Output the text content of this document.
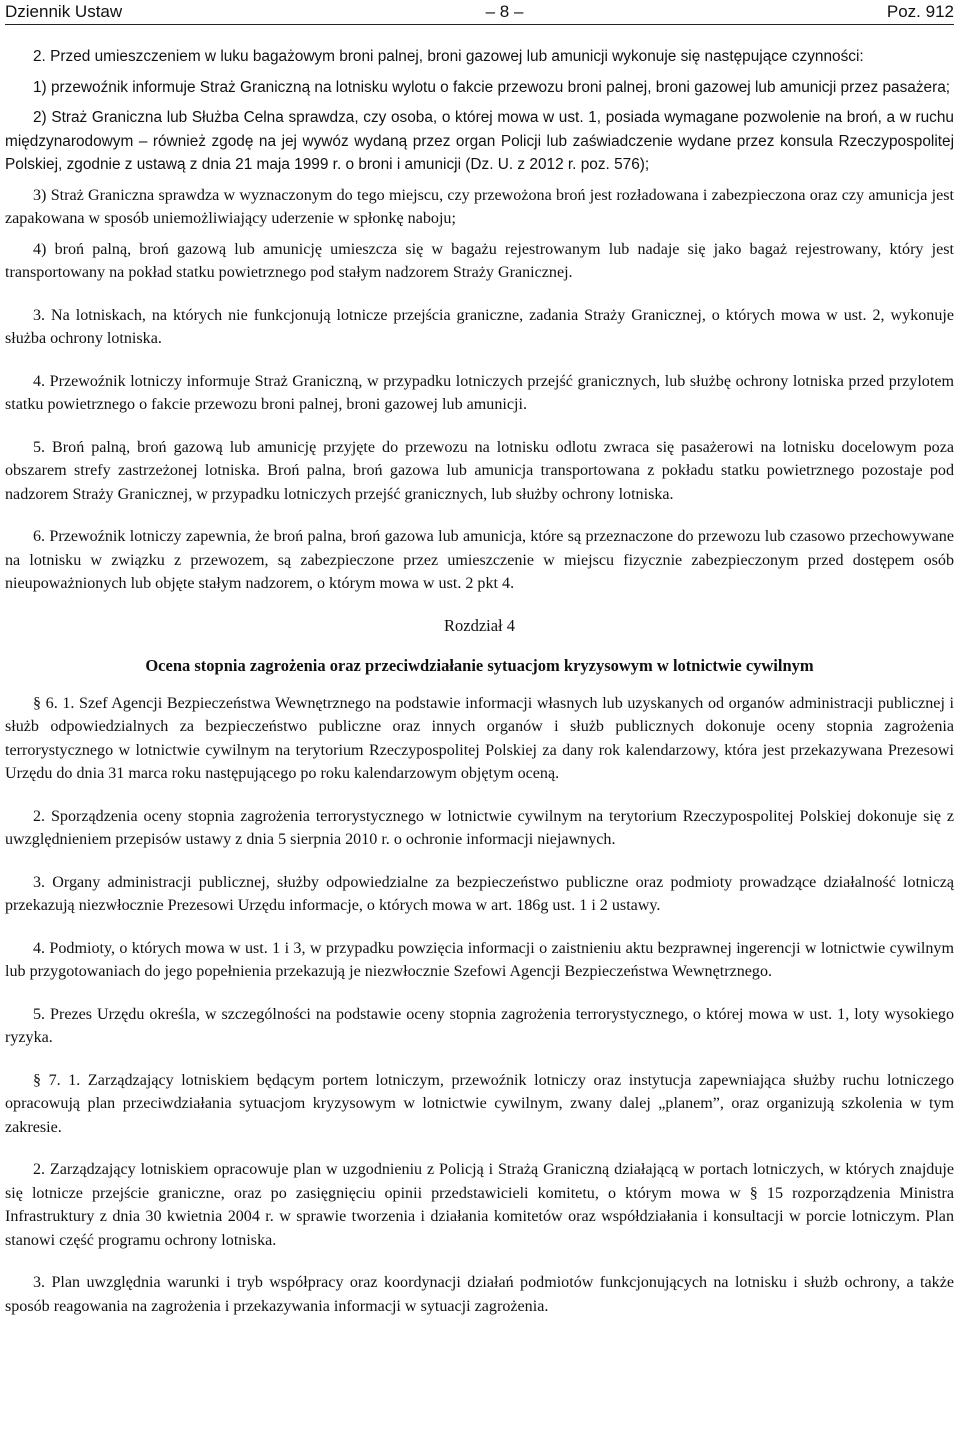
Dziennik Ustaw	– 8 –	Poz. 912

2. Przed umieszczeniem w luku bagażowym broni palnej, broni gazowej lub amunicji wykonuje się następujące czynności:

1) przewoźnik informuje Straż Graniczną na lotnisku wylotu o fakcie przewozu broni palnej, broni gazowej lub amunicji przez pasażera;

2) Straż Graniczna lub Służba Celna sprawdza, czy osoba, o której mowa w ust. 1, posiada wymagane pozwolenie na broń, a w ruchu międzynarodowym – również zgodę na jej wywóz wydaną przez organ Policji lub zaświadczenie wydane przez konsula Rzeczypospolitej Polskiej, zgodnie z ustawą z dnia 21 maja 1999 r. o broni i amunicji (Dz. U. z 2012 r. poz. 576);

3) Straż Graniczna sprawdza w wyznaczonym do tego miejscu, czy przewożona broń jest rozładowana i zabezpieczona oraz czy amunicja jest zapakowana w sposób uniemożliwiający uderzenie w spłonkę naboju;

4) broń palną, broń gazową lub amunicję umieszcza się w bagażu rejestrowanym lub nadaje się jako bagaż rejestrowany, który jest transportowany na pokład statku powietrznego pod stałym nadzorem Straży Granicznej.

3. Na lotniskach, na których nie funkcjonują lotnicze przejścia graniczne, zadania Straży Granicznej, o których mowa w ust. 2, wykonuje służba ochrony lotniska.

4. Przewoźnik lotniczy informuje Straż Graniczną, w przypadku lotniczych przejść granicznych, lub służbę ochrony lotniska przed przylotem statku powietrznego o fakcie przewozu broni palnej, broni gazowej lub amunicji.

5. Broń palną, broń gazową lub amunicję przyjęte do przewozu na lotnisku odlotu zwraca się pasażerowi na lotnisku docelowym poza obszarem strefy zastrzeżonej lotniska. Broń palna, broń gazowa lub amunicja transportowana z pokładu statku powietrznego pozostaje pod nadzorem Straży Granicznej, w przypadku lotniczych przejść granicznych, lub służby ochrony lotniska.

6. Przewoźnik lotniczy zapewnia, że broń palna, broń gazowa lub amunicja, które są przeznaczone do przewozu lub czasowo przechowywane na lotnisku w związku z przewozem, są zabezpieczone przez umieszczenie w miejscu fizycznie zabezpieczonym przed dostępem osób nieupoważnionych lub objęte stałym nadzorem, o którym mowa w ust. 2 pkt 4.

Rozdział 4
Ocena stopnia zagrożenia oraz przeciwdziałanie sytuacjom kryzysowym w lotnictwie cywilnym

§ 6. 1. Szef Agencji Bezpieczeństwa Wewnętrznego na podstawie informacji własnych lub uzyskanych od organów administracji publicznej i służb odpowiedzialnych za bezpieczeństwo publiczne oraz innych organów i służb publicznych dokonuje oceny stopnia zagrożenia terrorystycznego w lotnictwie cywilnym na terytorium Rzeczypospolitej Polskiej za dany rok kalendarzowy, która jest przekazywana Prezesowi Urzędu do dnia 31 marca roku następującego po roku kalendarzowym objętym oceną.

2. Sporządzenia oceny stopnia zagrożenia terrorystycznego w lotnictwie cywilnym na terytorium Rzeczypospolitej Polskiej dokonuje się z uwzględnieniem przepisów ustawy z dnia 5 sierpnia 2010 r. o ochronie informacji niejawnych.

3. Organy administracji publicznej, służby odpowiedzialne za bezpieczeństwo publiczne oraz podmioty prowadzące działalność lotniczą przekazują niezwłocznie Prezesowi Urzędu informacje, o których mowa w art. 186g ust. 1 i 2 ustawy.

4. Podmioty, o których mowa w ust. 1 i 3, w przypadku powzięcia informacji o zaistnieniu aktu bezprawnej ingerencji w lotnictwie cywilnym lub przygotowaniach do jego popełnienia przekazują je niezwłocznie Szefowi Agencji Bezpieczeństwa Wewnętrznego.

5. Prezes Urzędu określa, w szczególności na podstawie oceny stopnia zagrożenia terrorystycznego, o której mowa w ust. 1, loty wysokiego ryzyka.

§ 7. 1. Zarządzający lotniskiem będącym portem lotniczym, przewoźnik lotniczy oraz instytucja zapewniająca służby ruchu lotniczego opracowują plan przeciwdziałania sytuacjom kryzysowym w lotnictwie cywilnym, zwany dalej „planem”, oraz organizują szkolenia w tym zakresie.

2. Zarządzający lotniskiem opracowuje plan w uzgodnieniu z Policją i Strażą Graniczną działającą w portach lotniczych, w których znajduje się lotnicze przejście graniczne, oraz po zasięgnięciu opinii przedstawicieli komitetu, o którym mowa w § 15 rozporządzenia Ministra Infrastruktury z dnia 30 kwietnia 2004 r. w sprawie tworzenia i działania komitetów oraz współdziałania i konsultacji w porcie lotniczym. Plan stanowi część programu ochrony lotniska.

3. Plan uwzględnia warunki i tryb współpracy oraz koordynacji działań podmiotów funkcjonujących na lotnisku i służb ochrony, a także sposób reagowania na zagrożenia i przekazywania informacji w sytuacji zagrożenia.
